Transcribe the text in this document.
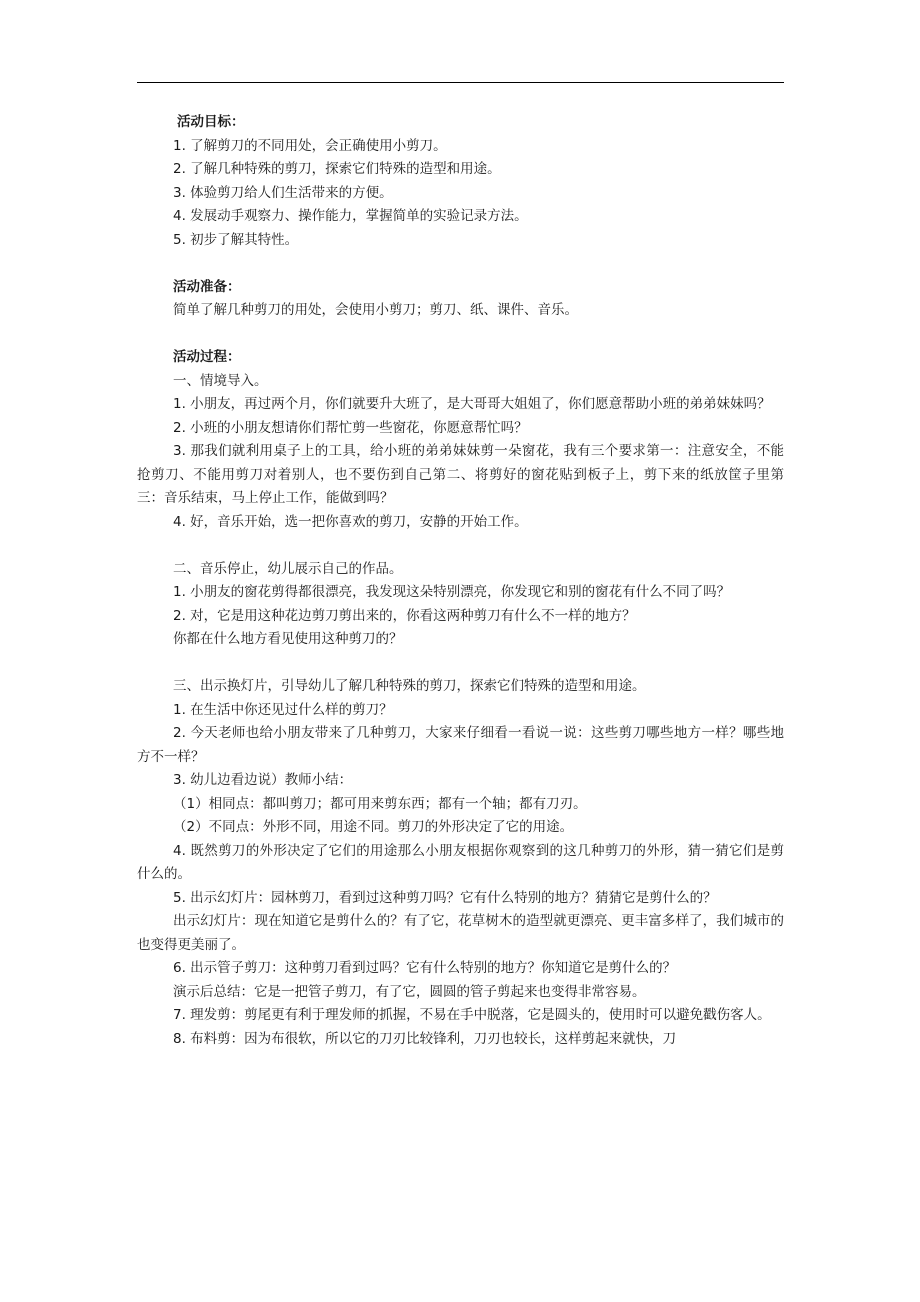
活动目标：
1. 了解剪刀的不同用处，会正确使用小剪刀。
2. 了解几种特殊的剪刀，探索它们特殊的造型和用途。
3. 体验剪刀给人们生活带来的方便。
4. 发展动手观察力、操作能力，掌握简单的实验记录方法。
5. 初步了解其特性。
活动准备：
简单了解几种剪刀的用处，会使用小剪刀；剪刀、纸、课件、音乐。
活动过程：
一、情境导入。
1. 小朋友，再过两个月，你们就要升大班了，是大哥哥大姐姐了，你们愿意帮助小班的弟弟妹妹吗？
2. 小班的小朋友想请你们帮忙剪一些窗花，你愿意帮忙吗？
3. 那我们就利用桌子上的工具，给小班的弟弟妹妹剪一朵窗花，我有三个要求第一：注意安全，不能抢剪刀、不能用剪刀对着别人，也不要伤到自己第二、将剪好的窗花贴到板子上，剪下来的纸放筐子里第三：音乐结束，马上停止工作，能做到吗？
4. 好，音乐开始，选一把你喜欢的剪刀，安静的开始工作。
二、音乐停止，幼儿展示自己的作品。
1. 小朋友的窗花剪得都很漂亮，我发现这朵特别漂亮，你发现它和别的窗花有什么不同了吗？
2. 对，它是用这种花边剪刀剪出来的，你看这两种剪刀有什么不一样的地方？
你都在什么地方看见使用这种剪刀的？
三、出示换灯片，引导幼儿了解几种特殊的剪刀，探索它们特殊的造型和用途。
1. 在生活中你还见过什么样的剪刀？
2. 今天老师也给小朋友带来了几种剪刀，大家来仔细看一看说一说：这些剪刀哪些地方一样？哪些地方不一样？
3. 幼儿边看边说）教师小结：
（1）相同点：都叫剪刀；都可用来剪东西；都有一个轴；都有刀刃。
（2）不同点：外形不同，用途不同。剪刀的外形决定了它的用途。
4. 既然剪刀的外形决定了它们的用途那么小朋友根据你观察到的这几种剪刀的外形，猜一猜它们是剪什么的。
5. 出示幻灯片：园林剪刀，看到过这种剪刀吗？它有什么特别的地方？猜猜它是剪什么的？
出示幻灯片：现在知道它是剪什么的？有了它，花草树木的造型就更漂亮、更丰富多样了，我们城市的也变得更美丽了。
6. 出示管子剪刀：这种剪刀看到过吗？它有什么特别的地方？你知道它是剪什么的？
演示后总结：它是一把管子剪刀，有了它，圆圆的管子剪起来也变得非常容易。
7. 理发剪：剪尾更有利于理发师的抓握，不易在手中脱落，它是圆头的，使用时可以避免戳伤客人。
8. 布料剪：因为布很软，所以它的刀刃比较锋利，刀刃也较长，这样剪起来就快，刀
